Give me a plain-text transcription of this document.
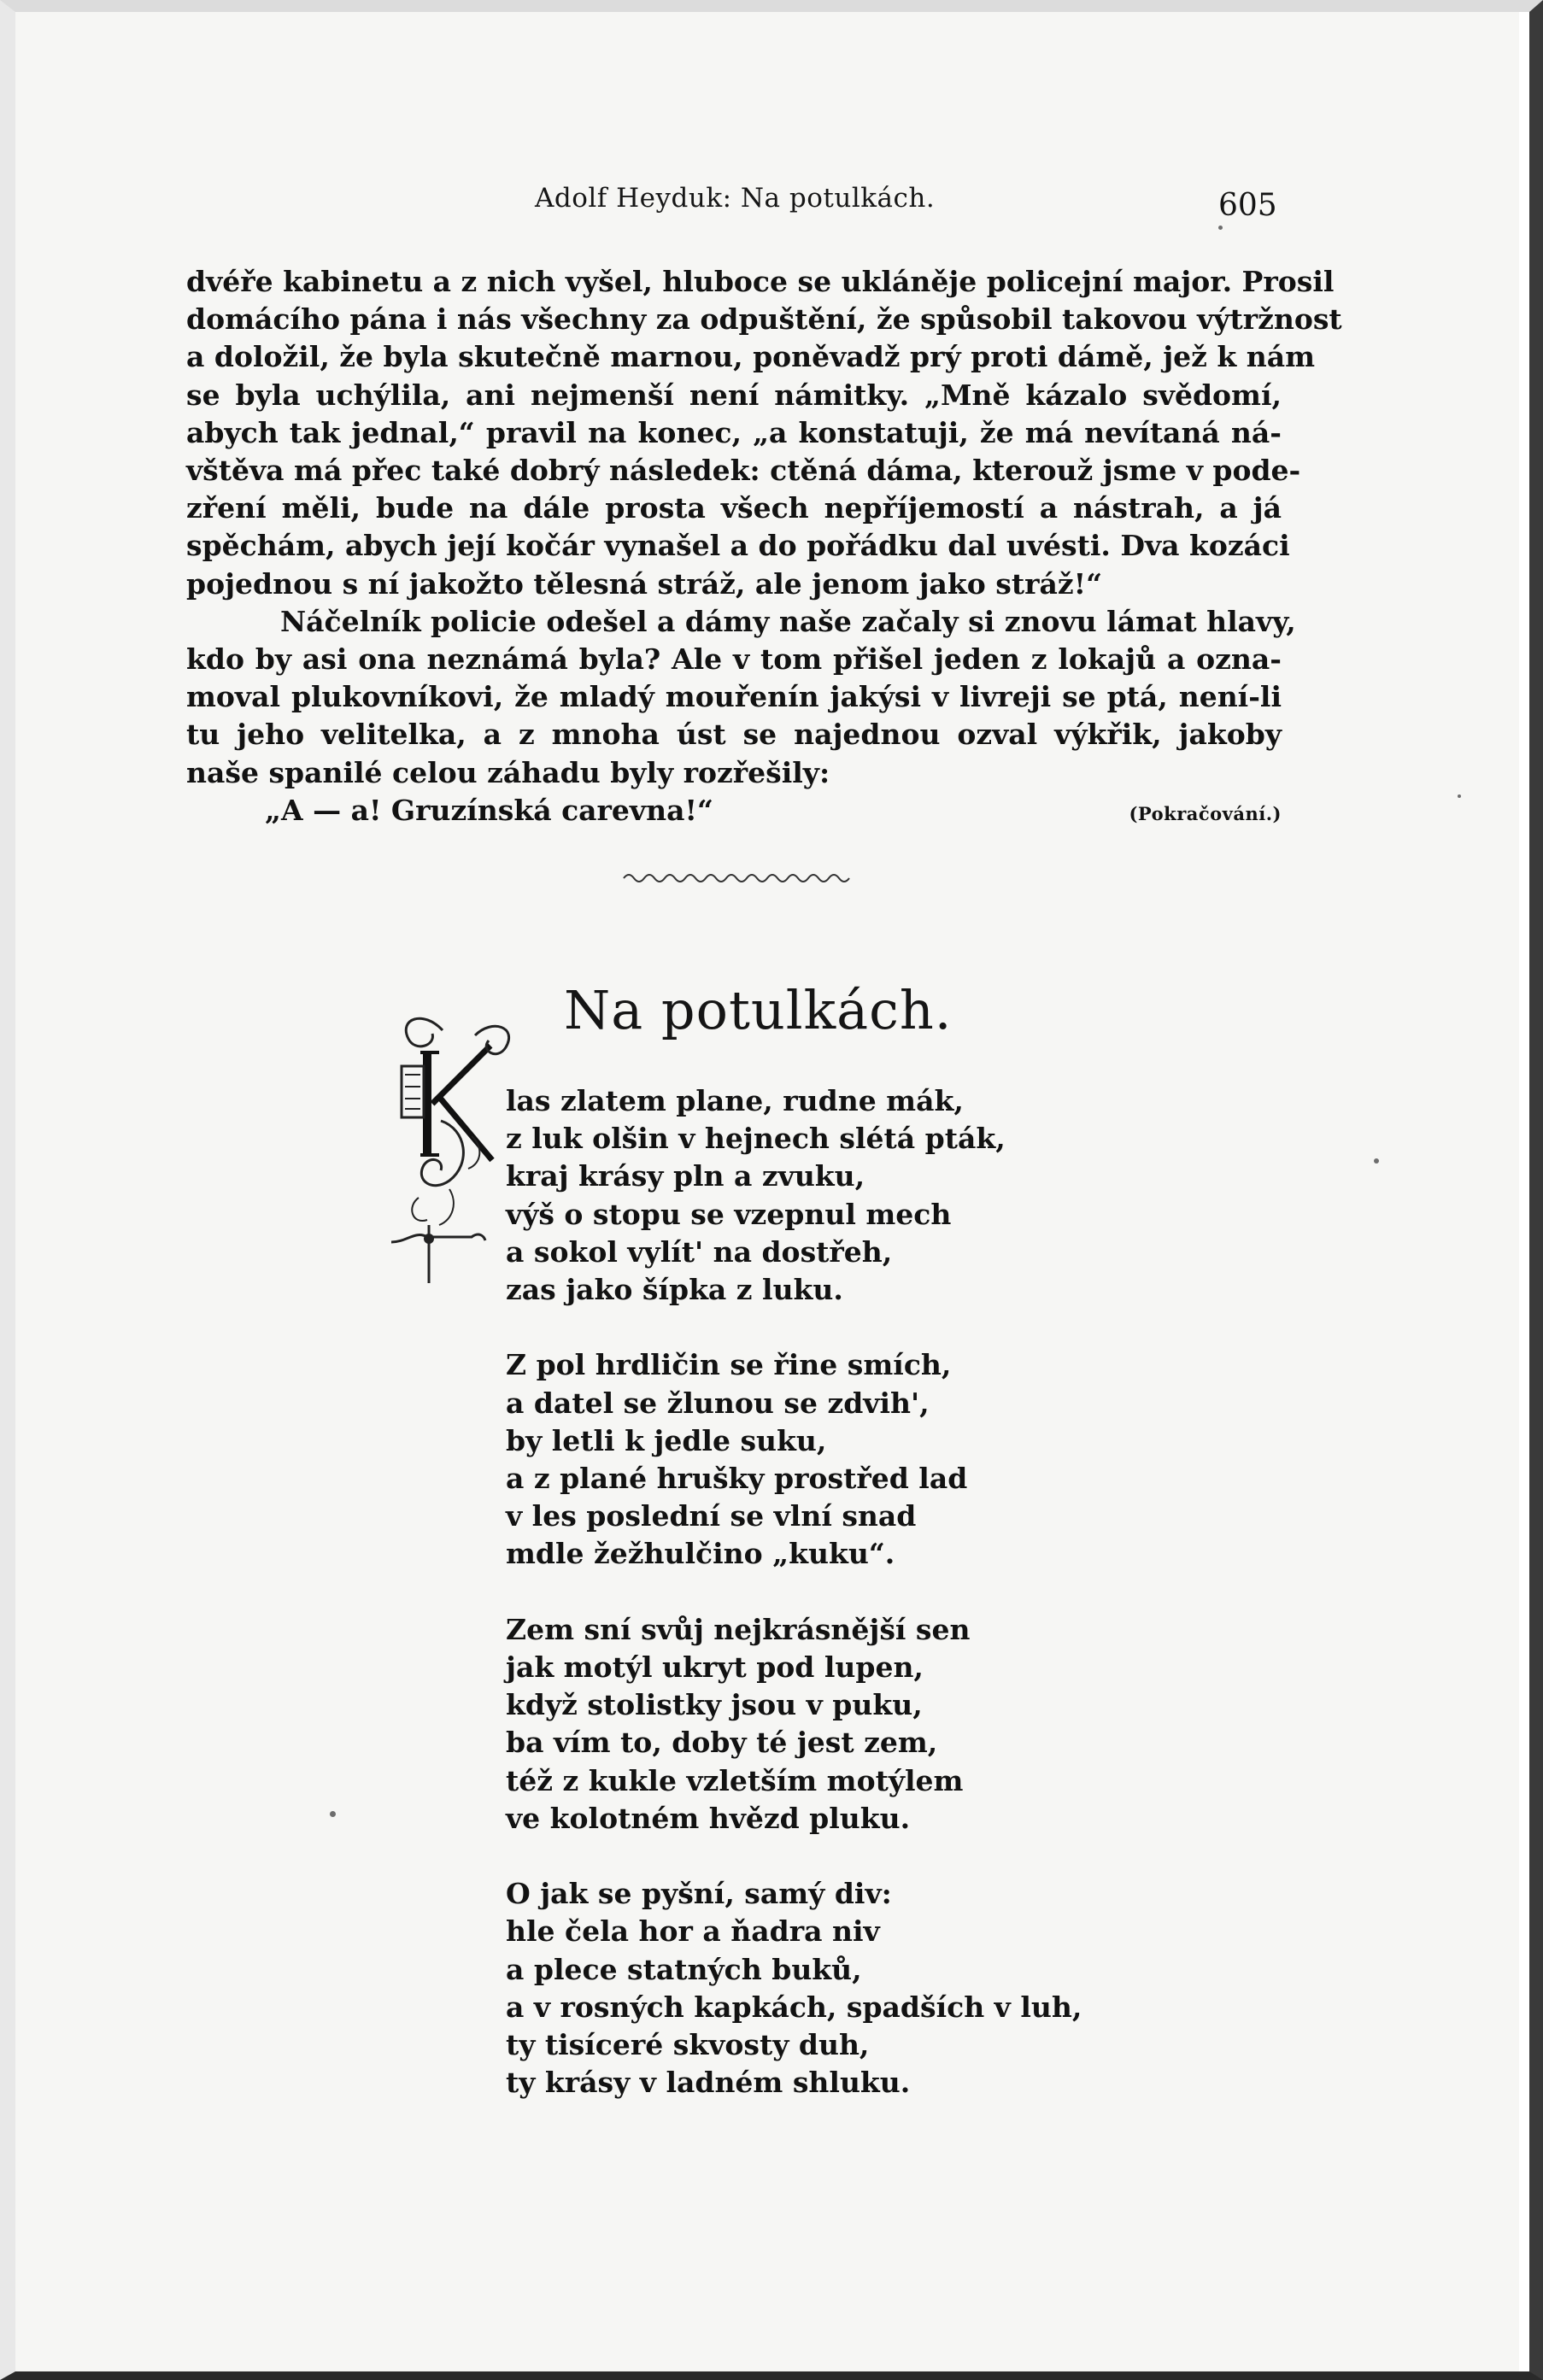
Adolf Heyduk: Na potulkách.	605
dvéře kabinetu a z nich vyšel, hluboce se ukláněje policejní major. Prosil
domácího pána i nás všechny za odpuštění, že spůsobil takovou výtržnost
a doložil, že byla skutečně marnou, poněvadž prý proti dámě, jež k nám
se byla uchýlila, ani nejmenší není námitky. „Mně kázalo svědomí,
abych tak jednal,“ pravil na konec, „a konstatuji, že má nevítaná ná-
vštěva má přec také dobrý následek: ctěná dáma, kterouž jsme v pode-
zření měli, bude na dále prosta všech nepříjemostí a nástrah, a já
spěchám, abych její kočár vynašel a do pořádku dal uvésti. Dva kozáci
pojednou s ní jakožto tělesná stráž, ale jenom jako stráž!“
Náčelník policie odešel a dámy naše začaly si znovu lámat hlavy,
kdo by asi ona neznámá byla? Ale v tom přišel jeden z lokajů a ozna-
moval plukovníkovi, že mladý mouřenín jakýsi v livreji se ptá, není-li
tu jeho velitelka, a z mnoha úst se najednou ozval výkřik, jakoby
naše spanilé celou záhadu byly rozřešily:
„A — a! Gruzínská carevna!“	(Pokračování.)
Na potulkách.
las zlatem plane, rudne mák,
z luk olšin v hejnech slétá pták,
kraj krásy pln a zvuku,
výš o stopu se vzepnul mech
a sokol vylít' na dostřeh,
zas jako šípka z luku.
Z pol hrdličin se řine smích,
a datel se žlunou se zdvih',
by letli k jedle suku,
a z plané hrušky prostřed lad
v les poslední se vlní snad
mdle žežhulčino „kuku“.
Zem sní svůj nejkrásnější sen
jak motýl ukryt pod lupen,
když stolistky jsou v puku,
ba vím to, doby té jest zem,
též z kukle vzletším motýlem
ve kolotném hvězd pluku.
O jak se pyšní, samý div:
hle čela hor a ňadra niv
a plece statných buků,
a v rosných kapkách, spadších v luh,
ty tisíceré skvosty duh,
ty krásy v ladném shluku.
